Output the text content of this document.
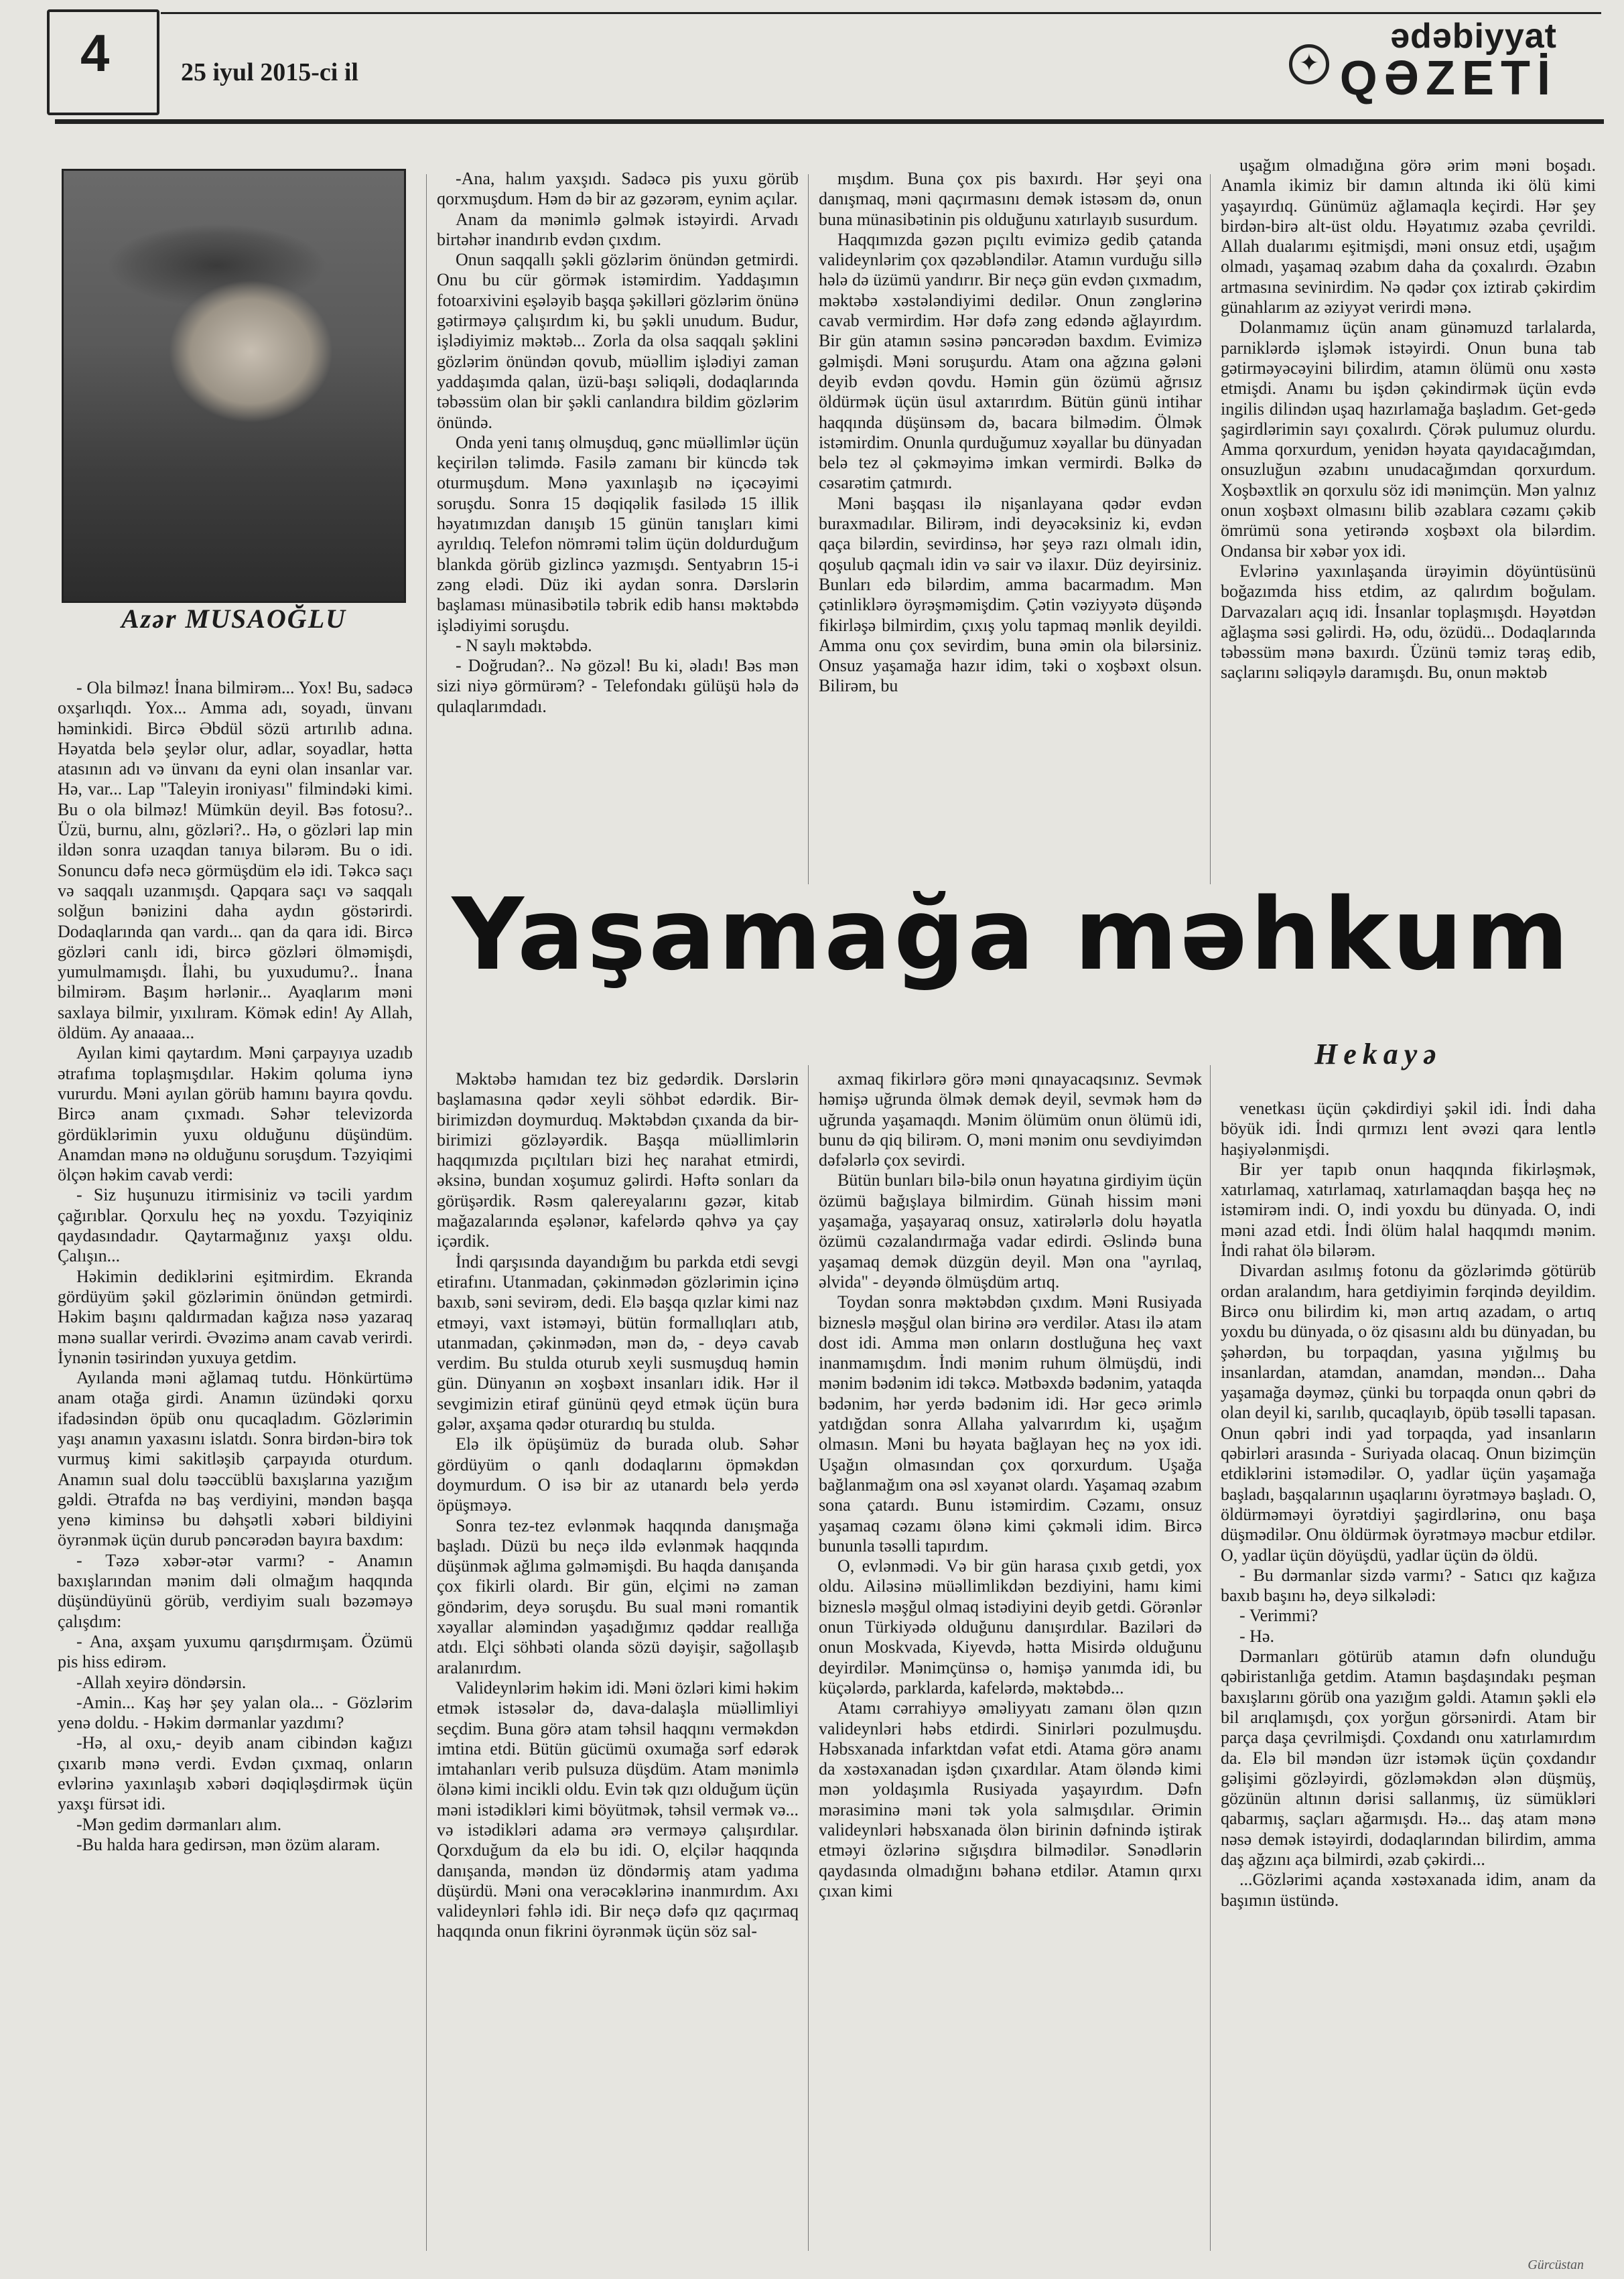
4	25 iyul 2015-ci il
✦
ədəbiyyat
QƏZETİ
Azər MUSAOĞLU

- Ola bilməz! İnana bilmirəm... Yox! Bu, sadəcə oxşarlıqdı. Yox... Amma adı, soyadı, ünvanı həminkidi. Bircə Əbdül sözü artırılıb adına. Həyatda belə şeylər olur, adlar, soyadlar, hətta atasının adı və ünvanı da eyni olan insanlar var. Hə, var... Lap "Taleyin ironiyası" filmindəki kimi. Bu o ola bilməz! Mümkün deyil. Bəs fotosu?.. Üzü, burnu, alnı, gözləri?.. Hə, o gözləri lap min ildən sonra uzaqdan tanıya bilərəm. Bu o idi. Sonuncu dəfə necə görmüşdüm elə idi. Təkcə saçı və saqqalı uzanmışdı. Qapqara saçı və saqqalı solğun bənizini daha aydın göstərirdi. Dodaqlarında qan vardı... qan da qara idi. Bircə gözləri canlı idi, bircə gözləri ölməmişdi, yumulmamışdı. İlahi, bu yuxudumu?.. İnana bilmirəm. Başım hərlənir... Ayaqlarım məni saxlaya bilmir, yıxılıram. Kömək edin! Ay Allah, öldüm. Ay anaaaa...

Ayılan kimi qaytardım. Məni çarpayıya uzadıb ətrafıma toplaşmışdılar. Həkim qoluma iynə vururdu. Məni ayılan görüb hamını bayıra qovdu. Bircə anam çıxmadı. Səhər televizorda gördüklərimin yuxu olduğunu düşündüm. Anamdan mənə nə olduğunu soruşdum. Təzyiqimi ölçən həkim cavab verdi:

- Siz huşunuzu itirmisiniz və təcili yardım çağırıblar. Qorxulu heç nə yoxdu. Təzyiqiniz qaydasındadır. Qaytarmağınız yaxşı oldu. Çalışın...

Həkimin dediklərini eşitmirdim. Ekranda gördüyüm şəkil gözlərimin önündən getmirdi. Həkim başını qaldırmadan kağıza nəsə yazaraq mənə suallar verirdi. Əvəzimə anam cavab verirdi. İynənin təsirindən yuxuya getdim.

Ayılanda məni ağlamaq tutdu. Hönkürtümə anam otağa girdi. Anamın üzündəki qorxu ifadəsindən öpüb onu qucaqladım. Gözlərimin yaşı anamın yaxasını islatdı. Sonra birdən-birə tok vurmuş kimi sakitləşib çarpayıda oturdum. Anamın sual dolu təəccüblü baxışlarına yazığım gəldi. Ətrafda nə baş verdiyini, məndən başqa yenə kiminsə bu dəhşətli xəbəri bildiyini öyrənmək üçün durub pəncərədən bayıra baxdım:

- Təzə xəbər-ətər varmı? - Anamın baxışlarından mənim dəli olmağım haqqında düşündüyünü görüb, verdiyim sualı bəzəməyə çalışdım:

- Ana, axşam yuxumu qarışdırmışam. Özümü pis hiss edirəm.

-Allah xeyirə döndərsin.

-Amin... Kaş hər şey yalan ola... - Gözlərim yenə doldu. - Həkim dərmanlar yazdımı?

-Hə, al oxu,- deyib anam cibindən kağızı çıxarıb mənə verdi. Evdən çıxmaq, onların evlərinə yaxınlaşıb xəbəri dəqiqləşdirmək üçün yaxşı fürsət idi.

-Mən gedim dərmanları alım.

-Bu halda hara gedirsən, mən özüm alaram.

-Ana, halım yaxşıdı. Sadəcə pis yuxu görüb qorxmuşdum. Həm də bir az gəzərəm, eynim açılar.

Anam da mənimlə gəlmək istəyirdi. Arvadı birtəhər inandırıb evdən çıxdım.

Onun saqqallı şəkli gözlərim önündən getmirdi. Onu bu cür görmək istəmirdim. Yaddaşımın fotoarxivini eşələyib başqa şəkilləri gözlərim önünə gətirməyə çalışırdım ki, bu şəkli unudum. Budur, işlədiyimiz məktəb... Zorla da olsa saqqalı şəklini gözlərim önündən qovub, müəllim işlədiyi zaman yaddaşımda qalan, üzü-başı səliqəli, dodaqlarında təbəssüm olan bir şəkli canlandıra bildim gözlərim önündə.

Onda yeni tanış olmuşduq, gənc müəllimlər üçün keçirilən təlimdə. Fasilə zamanı bir küncdə tək oturmuşdum. Mənə yaxınlaşıb nə içəcəyimi soruşdu. Sonra 15 dəqiqəlik fasilədə 15 illik həyatımızdan danışıb 15 günün tanışları kimi ayrıldıq. Telefon nömrəmi təlim üçün doldurduğum blankda görüb gizlincə yazmışdı. Sentyabrın 15-i zəng elədi. Düz iki aydan sonra. Dərslərin başlaması münasibətilə təbrik edib hansı məktəbdə işlədiyimi soruşdu.

- N saylı məktəbdə.

- Doğrudan?.. Nə gözəl! Bu ki, əladı! Bəs mən sizi niyə görmürəm? - Telefondakı gülüşü hələ də qulaqlarımdadı.

mışdım. Buna çox pis baxırdı. Hər şeyi ona danışmaq, məni qaçırmasını demək istəsəm də, onun buna münasibətinin pis olduğunu xatırlayıb susurdum.

Haqqımızda gəzən pıçıltı evimizə gedib çatanda valideynlərim çox qəzəbləndilər. Atamın vurduğu sillə hələ də üzümü yandırır. Bir neçə gün evdən çıxmadım, məktəbə xəstələndiyimi dedilər. Onun zənglərinə cavab vermirdim. Hər dəfə zəng edəndə ağlayırdım. Bir gün atamın səsinə pəncərədən baxdım. Evimizə gəlmişdi. Məni soruşurdu. Atam ona ağzına gələni deyib evdən qovdu. Həmin gün özümü ağrısız öldürmək üçün üsul axtarırdım. Bütün günü intihar haqqında düşünsəm də, bacara bilmədim. Ölmək istəmirdim. Onunla qurduğumuz xəyallar bu dünyadan belə tez əl çəkməyimə imkan vermirdi. Bəlkə də cəsarətim çatmırdı.

Məni başqası ilə nişanlayana qədər evdən buraxmadılar. Bilirəm, indi deyəcəksiniz ki, evdən qaça bilərdin, sevirdinsə, hər şeyə razı olmalı idin, qoşulub qaçmalı idin və sair və ilaxır. Düz deyirsiniz. Bunları edə bilərdim, amma bacarmadım. Mən çətinliklərə öyrəşməmişdim. Çətin vəziyyətə düşəndə fikirləşə bilmirdim, çıxış yolu tapmaq mənlik deyildi. Amma onu çox sevirdim, buna əmin ola bilərsiniz. Onsuz yaşamağa hazır idim, təki o xoşbəxt olsun. Bilirəm, bu

uşağım olmadığına görə ərim məni boşadı. Anamla ikimiz bir damın altında iki ölü kimi yaşayırdıq. Günümüz ağlamaqla keçirdi. Hər şey birdən-birə alt-üst oldu. Həyatımız əzaba çevrildi. Allah dualarımı eşitmişdi, məni onsuz etdi, uşağım olmadı, yaşamaq əzabım daha da çoxalırdı. Əzabın artmasına sevinirdim. Nə qədər çox iztirab çəkirdim günahlarım az əziyyət verirdi mənə.

Dolanmamız üçün anam günəmuzd tarlalarda, parniklərdə işləmək istəyirdi. Onun buna tab gətirməyəcəyini bilirdim, atamın ölümü onu xəstə etmişdi. Anamı bu işdən çəkindirmək üçün evdə ingilis dilindən uşaq hazırlamağa başladım. Get-gedə şagirdlərimin sayı çoxalırdı. Çörək pulumuz olurdu. Amma qorxurdum, yenidən həyata qayıdacağımdan, onsuzluğun əzabını unudacağımdan qorxurdum. Xoşbəxtlik ən qorxulu söz idi mənimçün. Mən yalnız onun xoşbəxt olmasını bilib əzablara cəzamı çəkib ömrümü sona yetirəndə xoşbəxt ola bilərdim. Ondansa bir xəbər yox idi.

Evlərinə yaxınlaşanda ürəyimin döyüntüsünü boğazımda hiss etdim, az qalırdım boğulam. Darvazaları açıq idi. İnsanlar toplaşmışdı. Həyətdən ağlaşma səsi gəlirdi. Hə, odu, özüdü... Dodaqlarında təbəssüm mənə baxırdı. Üzünü təmiz təraş edib, saçlarını səliqəylə daramışdı. Bu, onun məktəb

Yaşamağa məhkum
Hekayə

Məktəbə hamıdan tez biz gedərdik. Dərslərin başlamasına qədər xeyli söhbət edərdik. Bir-birimizdən doymurduq. Məktəbdən çıxanda da bir-birimizi gözləyərdik. Başqa müəllimlərin haqqımızda pıçıltıları bizi heç narahat etmirdi, əksinə, bundan xoşumuz gəlirdi. Həftə sonları da görüşərdik. Rəsm qalereyalarını gəzər, kitab mağazalarında eşələnər, kafelərdə qəhvə ya çay içərdik.

İndi qarşısında dayandığım bu parkda etdi sevgi etirafını. Utanmadan, çəkinmədən gözlərimin içinə baxıb, səni sevirəm, dedi. Elə başqa qızlar kimi naz etməyi, vaxt istəməyi, bütün formallıqları atıb, utanmadan, çəkinmədən, mən də, - deyə cavab verdim. Bu stulda oturub xeyli susmuşduq həmin gün. Dünyanın ən xoşbəxt insanları idik. Hər il sevgimizin etiraf gününü qeyd etmək üçün bura gələr, axşama qədər oturardıq bu stulda.

Elə ilk öpüşümüz də burada olub. Səhər gördüyüm o qanlı dodaqlarını öpməkdən doymurdum. O isə bir az utanardı belə yerdə öpüşməyə.

Sonra tez-tez evlənmək haqqında danışmağa başladı. Düzü bu neçə ildə evlənmək haqqında düşünmək ağlıma gəlməmişdi. Bu haqda danışanda çox fikirli olardı. Bir gün, elçimi nə zaman göndərim, deyə soruşdu. Bu sual məni romantik xəyallar aləmindən yaşadığımız qəddar reallığa atdı. Elçi söhbəti olanda sözü dəyişir, sağollaşıb aralanırdım.

Valideynlərim həkim idi. Məni özləri kimi həkim etmək istəsələr də, dava-dalaşla müəllimliyi seçdim. Buna görə atam təhsil haqqını verməkdən imtina etdi. Bütün gücümü oxumağa sərf edərək imtahanları verib pulsuza düşdüm. Atam mənimlə ölənə kimi incikli oldu. Evin tək qızı olduğum üçün məni istədikləri kimi böyütmək, təhsil vermək və... və istədikləri adama ərə verməyə çalışırdılar. Qorxduğum da elə bu idi. O, elçilər haqqında danışanda, məndən üz döndərmiş atam yadıma düşürdü. Məni ona verəcəklərinə inanmırdım. Axı valideynləri fəhlə idi. Bir neçə dəfə qız qaçırmaq haqqında onun fikrini öyrənmək üçün söz sal-

axmaq fikirlərə görə məni qınayacaqsınız. Sevmək həmişə uğrunda ölmək demək deyil, sevmək həm də uğrunda yaşamaqdı. Mənim ölümüm onun ölümü idi, bunu də qiq bilirəm. O, məni mənim onu sevdiyimdən dəfələrlə çox sevirdi.

Bütün bunları bilə-bilə onun həyatına girdiyim üçün özümü bağışlaya bilmirdim. Günah hissim məni yaşamağa, yaşayaraq onsuz, xatirələrlə dolu həyatla özümü cəzalandırmağa vadar edirdi. Əslində buna yaşamaq demək düzgün deyil. Mən ona "ayrılaq, əlvida" - deyəndə ölmüşdüm artıq.

Toydan sonra məktəbdən çıxdım. Məni Rusiyada bizneslə məşğul olan birinə ərə verdilər. Atası ilə atam dost idi. Amma mən onların dostluğuna heç vaxt inanmamışdım. İndi mənim ruhum ölmüşdü, indi mənim bədənim idi təkcə. Mətbəxdə bədənim, yataqda bədənim, hər yerdə bədənim idi. Hər gecə ərimlə yatdığdan sonra Allaha yalvarırdım ki, uşağım olmasın. Məni bu həyata bağlayan heç nə yox idi. Uşağın olmasından çox qorxurdum. Uşağa bağlanmağım ona əsl xəyanət olardı. Yaşamaq əzabım sona çatardı. Bunu istəmirdim. Cəzamı, onsuz yaşamaq cəzamı ölənə kimi çəkməli idim. Bircə bununla təsəlli tapırdım.

O, evlənmədi. Və bir gün harasa çıxıb getdi, yox oldu. Ailəsinə müəllimlikdən bezdiyini, hamı kimi bizneslə məşğul olmaq istədiyini deyib getdi. Görənlər onun Türkiyədə olduğunu danışırdılar. Baziləri də onun Moskvada, Kiyevdə, hətta Misirdə olduğunu deyirdilər. Mənimçünsə o, həmişə yanımda idi, bu küçələrdə, parklarda, kafelərdə, məktəbdə...

Atamı cərrahiyyə əməliyyatı zamanı ölən qızın valideynləri həbs etdirdi. Sinirləri pozulmuşdu. Həbsxanada infarktdan vəfat etdi. Atama görə anamı da xəstəxanadan işdən çıxardılar. Atam öləndə kimi mən yoldaşımla Rusiyada yaşayırdım. Dəfn mərasiminə məni tək yola salmışdılar. Ərimin valideynləri həbsxanada ölən birinin dəfnində iştirak etməyi özlərinə sığışdıra bilmədilər. Sənədlərin qaydasında olmadığını bəhanə etdilər. Atamın qırxı çıxan kimi

venetkası üçün çəkdirdiyi şəkil idi. İndi daha böyük idi. İndi qırmızı lent əvəzi qara lentlə haşiyələnmişdi.

Bir yer tapıb onun haqqında fikirləşmək, xatırlamaq, xatırlamaq, xatırlamaqdan başqa heç nə istəmirəm indi. O, indi yoxdu bu dünyada. O, indi məni azad etdi. İndi ölüm halal haqqımdı mənim. İndi rahat ölə bilərəm.

Divardan asılmış fotonu da gözlərimdə götürüb ordan aralandım, hara getdiyimin fərqində deyildim. Bircə onu bilirdim ki, mən artıq azadam, o artıq yoxdu bu dünyada, o öz qisasını aldı bu dünyadan, bu şəhərdən, bu torpaqdan, yasına yığılmış bu insanlardan, atamdan, anamdan, məndən... Daha yaşamağa dəyməz, çünki bu torpaqda onun qəbri də olan deyil ki, sarılıb, qucaqlayıb, öpüb təsəlli tapasan. Onun qəbri indi yad torpaqda, yad insanların qəbirləri arasında - Suriyada olacaq. Onun bizimçün etdiklərini istəmədilər. O, yadlar üçün yaşamağa başladı, başqalarının uşaqlarını öyrətməyə başladı. O, öldürməməyi öyrətdiyi şagirdlərinə, onu başa düşmədilər. Onu öldürmək öyrətməyə məcbur etdilər. O, yadlar üçün döyüşdü, yadlar üçün də öldü.

- Bu dərmanlar sizdə varmı? - Satıcı qız kağıza baxıb başını hə, deyə silkələdi:

- Verimmi?

- Hə.

Dərmanları götürüb atamın dəfn olunduğu qəbiristanlığa getdim. Atamın başdaşındakı peşman baxışlarını görüb ona yazığım gəldi. Atamın şəkli elə bil arıqlamışdı, çox yorğun görsənirdi. Atam bir parça daşa çevrilmişdi. Çoxdandı onu xatırlamırdım da. Elə bil məndən üzr istəmək üçün çoxdandır gəlişimi gözləyirdi, gözləməkdən ələn düşmüş, gözünün altının dərisi sallanmış, üz sümükləri qabarmış, saçları ağarmışdı. Hə... daş atam mənə nəsə demək istəyirdi, dodaqlarından bilirdim, amma daş ağzını aça bilmirdi, əzab çəkirdi...

...Gözlərimi açanda xəstəxanada idim, anam da başımın üstündə.

Gürcüstan
